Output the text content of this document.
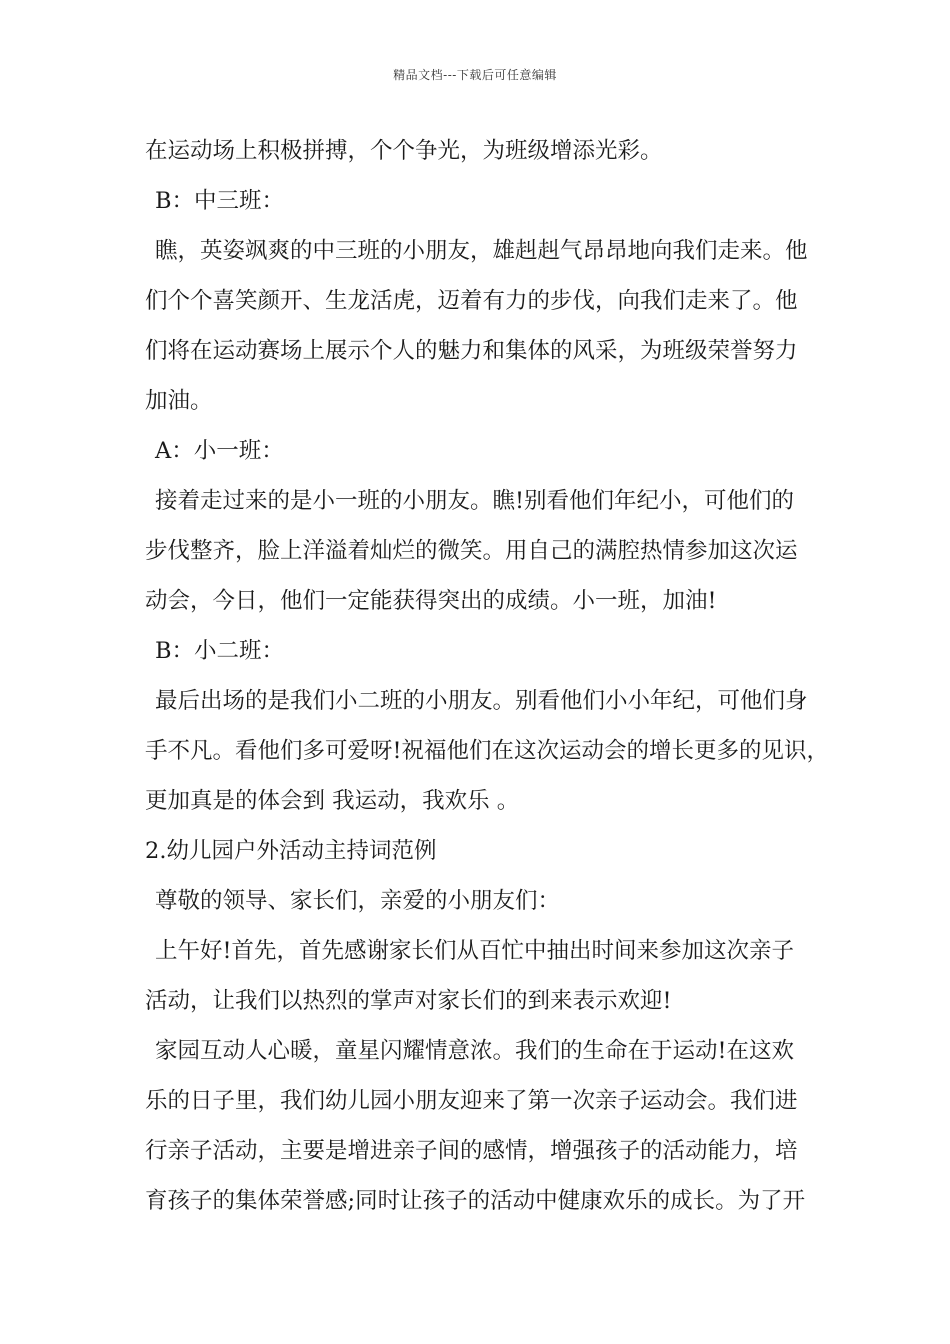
精品文档---下载后可任意编辑
在运动场上积极拼搏，个个争光，为班级增添光彩。
B：中三班：
瞧，英姿飒爽的中三班的小朋友，雄赳赳气昂昂地向我们走来。他
们个个喜笑颜开、生龙活虎，迈着有力的步伐，向我们走来了。他
们将在运动赛场上展示个人的魅力和集体的风采，为班级荣誉努力
加油。
A：小一班：
接着走过来的是小一班的小朋友。瞧!别看他们年纪小，可他们的
步伐整齐，脸上洋溢着灿烂的微笑。用自己的满腔热情参加这次运
动会，今日，他们一定能获得突出的成绩。小一班，加油!
B：小二班：
最后出场的是我们小二班的小朋友。别看他们小小年纪，可他们身
手不凡。看他们多可爱呀!祝福他们在这次运动会的增长更多的见识，
更加真是的体会到 我运动，我欢乐 。
2.幼儿园户外活动主持词范例
尊敬的领导、家长们，亲爱的小朋友们：
上午好!首先，首先感谢家长们从百忙中抽出时间来参加这次亲子
活动，让我们以热烈的掌声对家长们的到来表示欢迎!
家园互动人心暖，童星闪耀情意浓。我们的生命在于运动!在这欢
乐的日子里，我们幼儿园小朋友迎来了第一次亲子运动会。我们进
行亲子活动，主要是增进亲子间的感情，增强孩子的活动能力，培
育孩子的集体荣誉感;同时让孩子的活动中健康欢乐的成长。为了开
